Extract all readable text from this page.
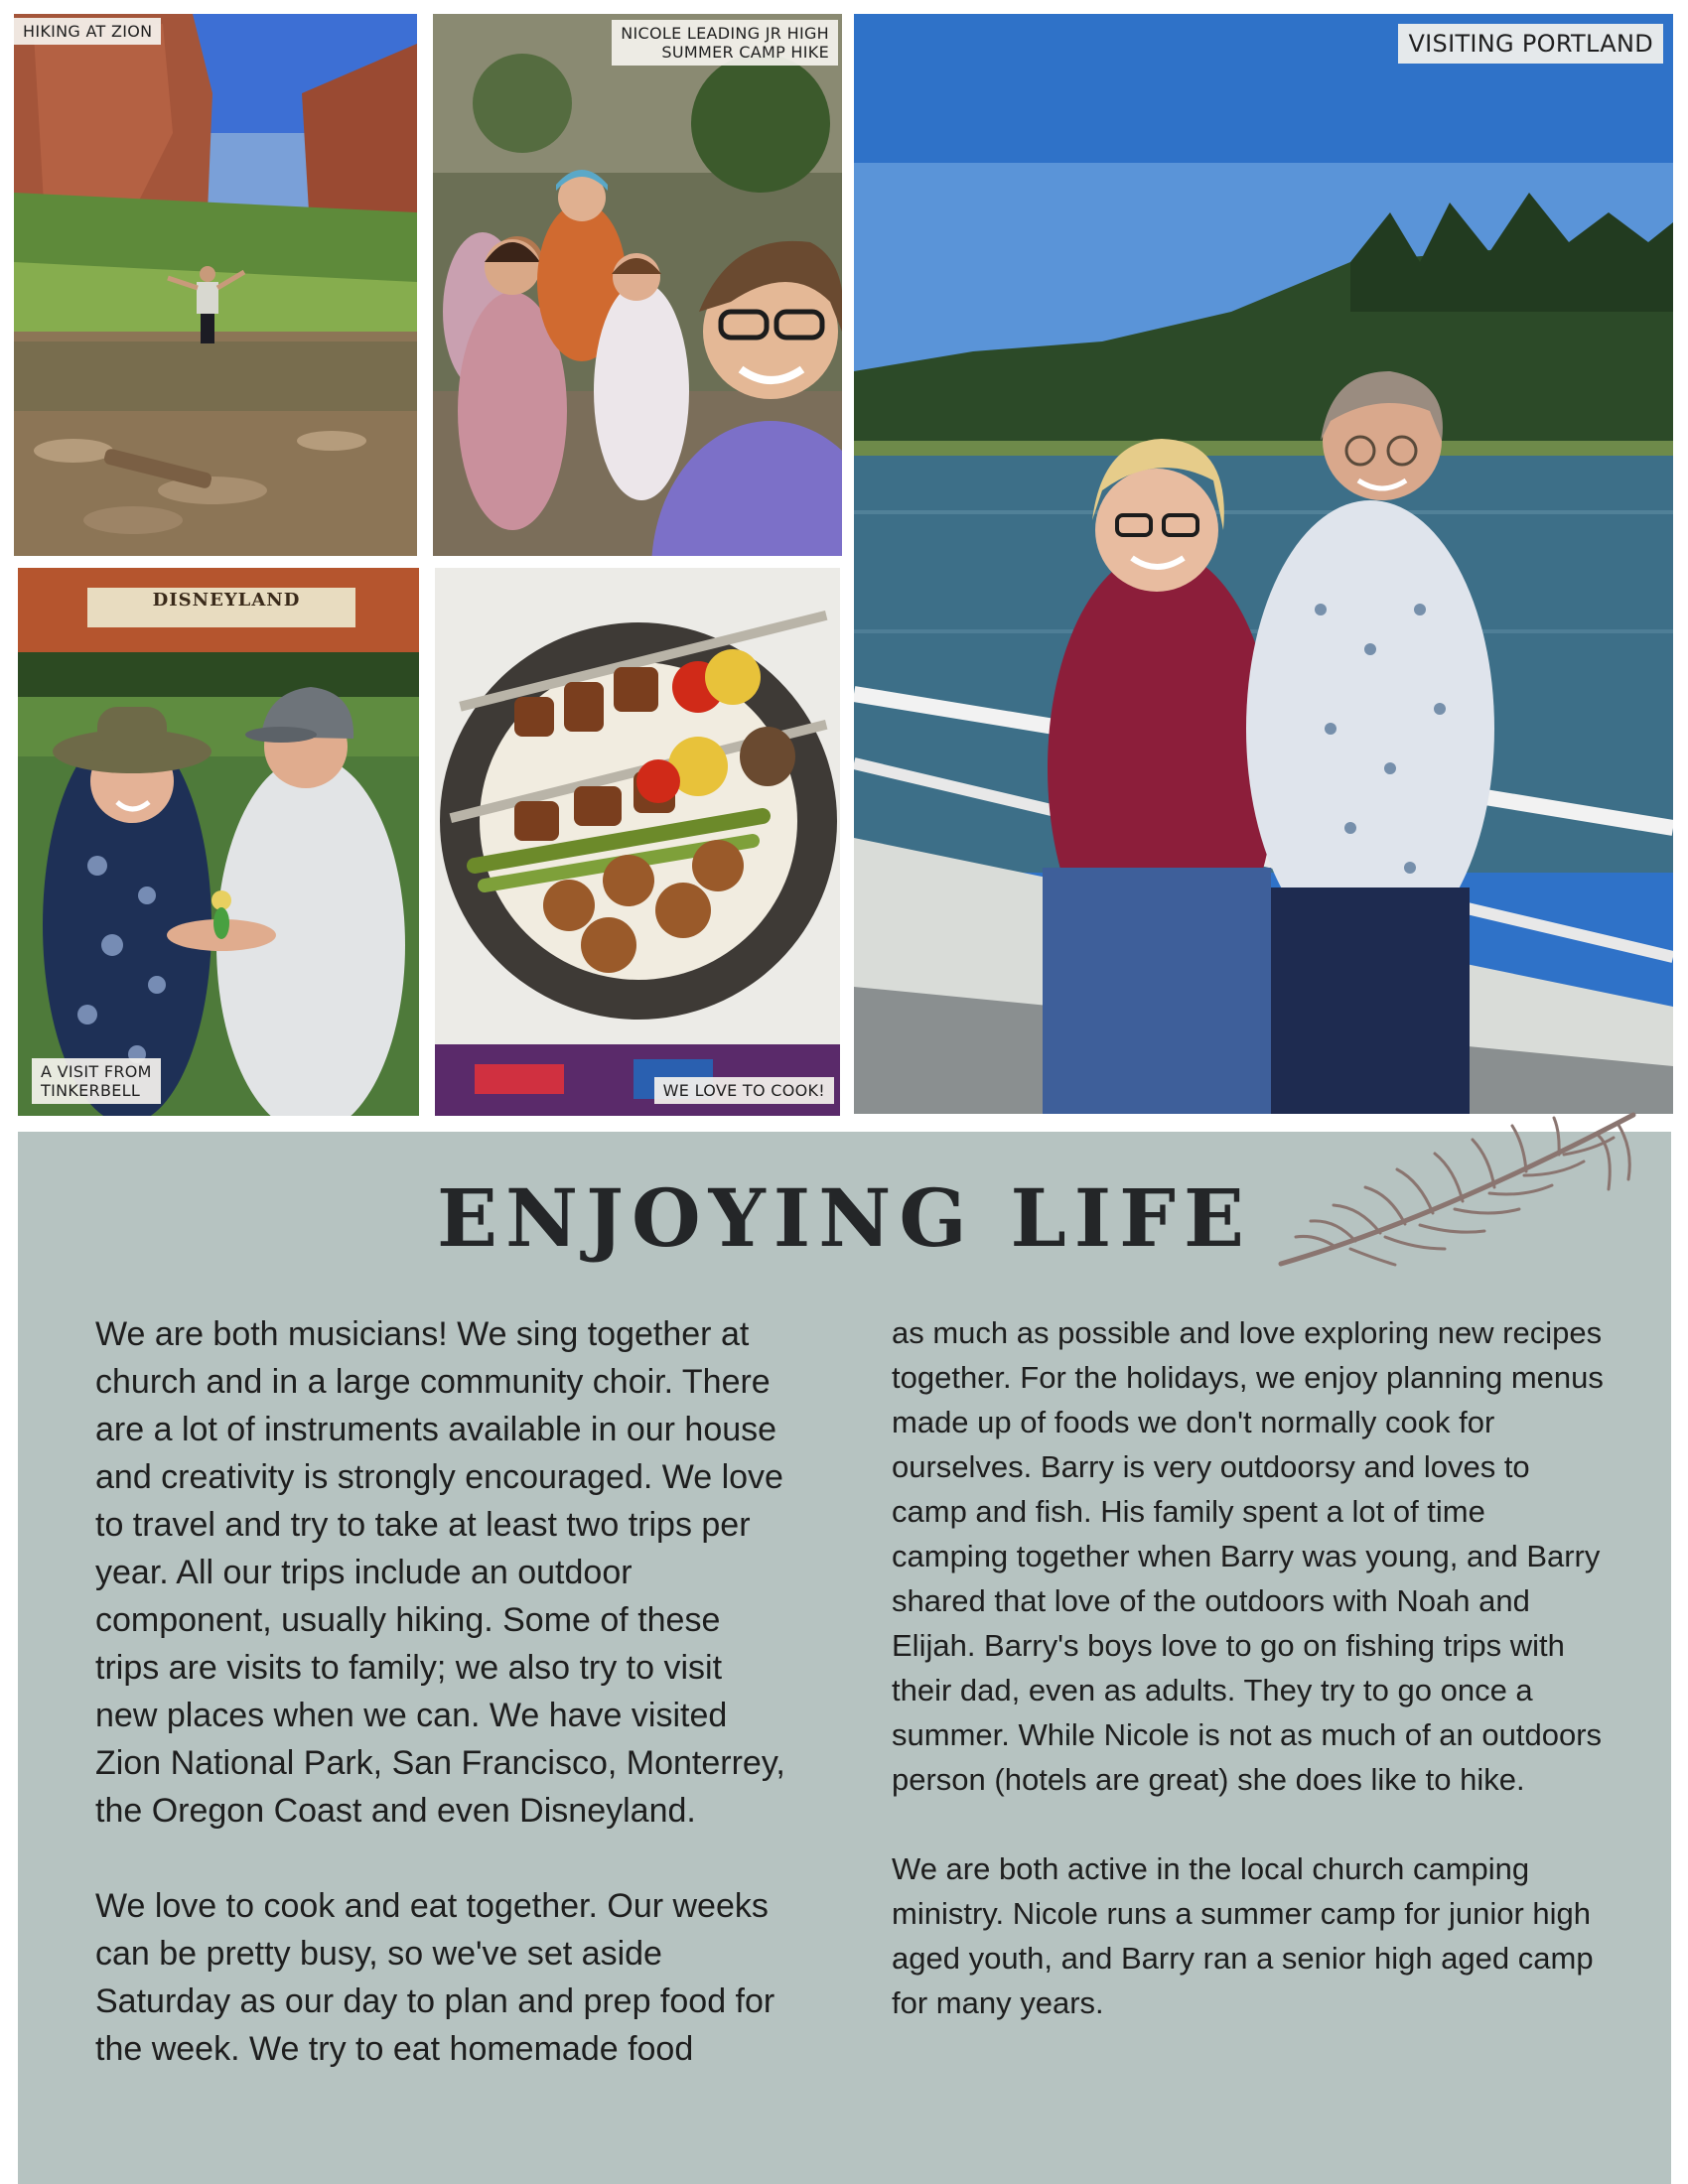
HIKING AT ZION	NICOLE LEADING JR HIGH
SUMMER CAMP HIKE	VISITING PORTLAND
DISNEYLAND
A VISIT FROM
TINKERBELL	WE LOVE TO COOK!
ENJOYING LIFE

We are both musicians! We sing together at church and in a large community choir. There are a lot of instruments available in our house and creativity is strongly encouraged. We love to travel and try to take at least two trips per year. All our trips include an outdoor component, usually hiking. Some of these trips are visits to family; we also try to visit new places when we can. We have visited Zion National Park, San Francisco, Monterrey, the Oregon Coast and even Disneyland.

We love to cook and eat together. Our weeks can be pretty busy, so we've set aside Saturday as our day to plan and prep food for the week. We try to eat homemade food

as much as possible and love exploring new recipes together. For the holidays, we enjoy planning menus made up of foods we don't normally cook for ourselves. Barry is very outdoorsy and loves to camp and fish. His family spent a lot of time camping together when Barry was young, and Barry shared that love of the outdoors with Noah and Elijah. Barry's boys love to go on fishing trips with their dad, even as adults. They try to go once a summer. While Nicole is not as much of an outdoors person (hotels are great) she does like to hike.

We are both active in the local church camping ministry. Nicole runs a summer camp for junior high aged youth, and Barry ran a senior high aged camp for many years.
